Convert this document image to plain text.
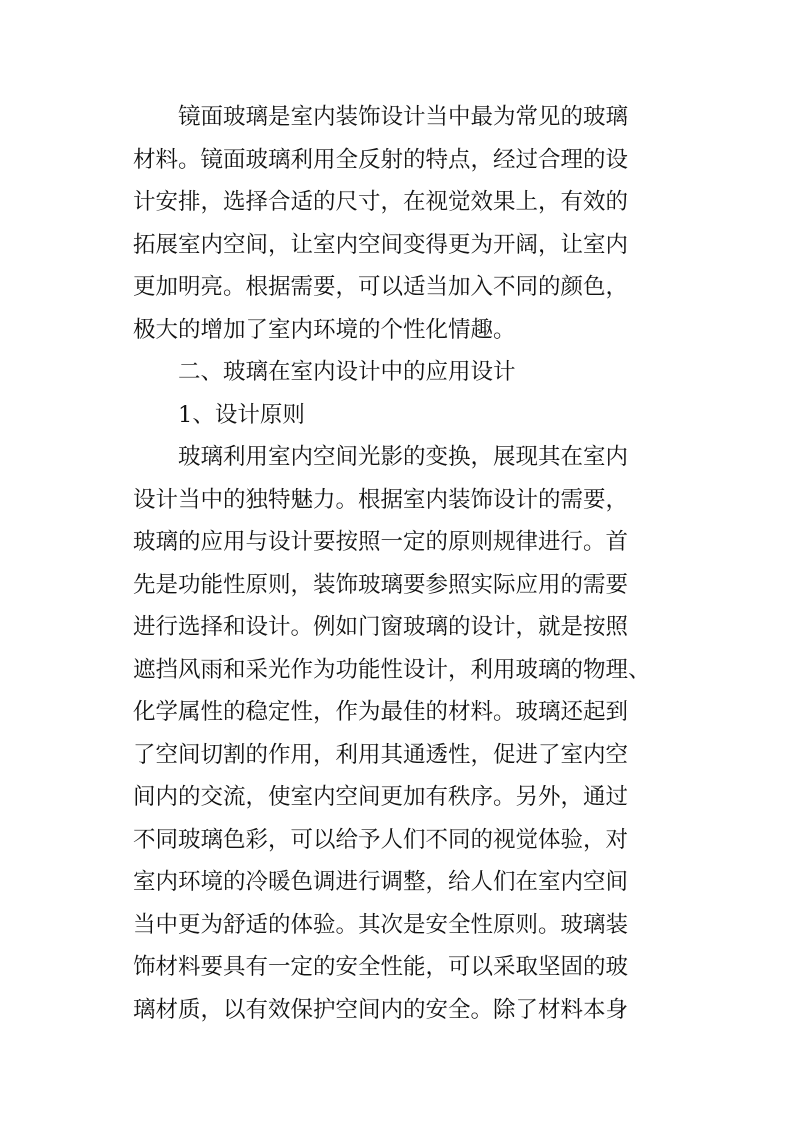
镜面玻璃是室内装饰设计当中最为常见的玻璃
材料。镜面玻璃利用全反射的特点，经过合理的设
计安排，选择合适的尺寸，在视觉效果上，有效的
拓展室内空间，让室内空间变得更为开阔，让室内
更加明亮。根据需要，可以适当加入不同的颜色，
极大的增加了室内环境的个性化情趣。
二、玻璃在室内设计中的应用设计
1、设计原则
玻璃利用室内空间光影的变换，展现其在室内
设计当中的独特魅力。根据室内装饰设计的需要，
玻璃的应用与设计要按照一定的原则规律进行。首
先是功能性原则，装饰玻璃要参照实际应用的需要
进行选择和设计。例如门窗玻璃的设计，就是按照
遮挡风雨和采光作为功能性设计，利用玻璃的物理、
化学属性的稳定性，作为最佳的材料。玻璃还起到
了空间切割的作用，利用其通透性，促进了室内空
间内的交流，使室内空间更加有秩序。另外，通过
不同玻璃色彩，可以给予人们不同的视觉体验，对
室内环境的冷暖色调进行调整，给人们在室内空间
当中更为舒适的体验。其次是安全性原则。玻璃装
饰材料要具有一定的安全性能，可以采取坚固的玻
璃材质，以有效保护空间内的安全。除了材料本身
